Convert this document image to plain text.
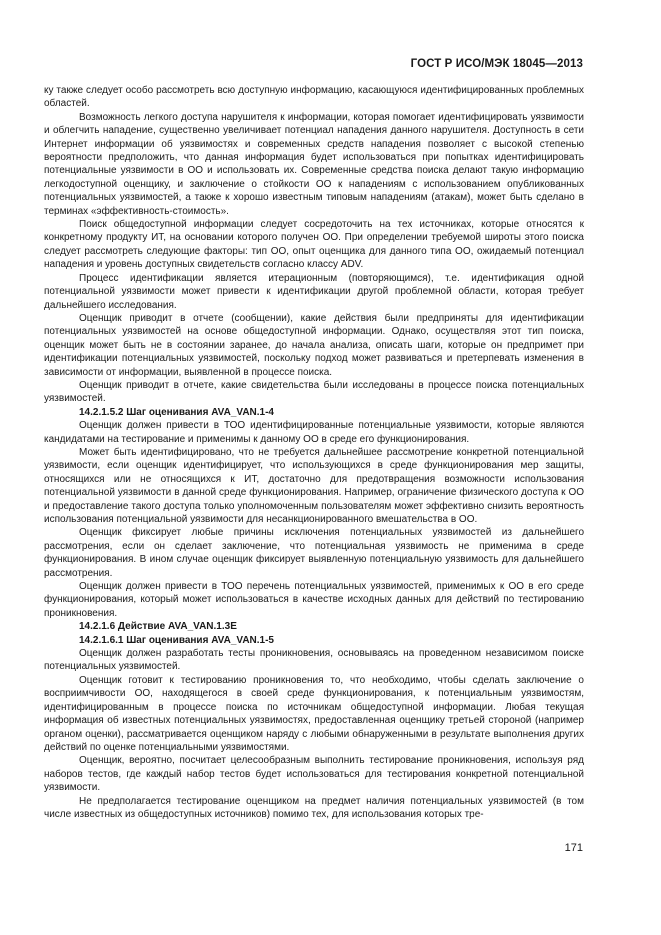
ГОСТ Р ИСО/МЭК 18045—2013

ку также следует особо рассмотреть всю доступную информацию, касающуюся идентифицированных проблемных областей.

Возможность легкого доступа нарушителя к информации, которая помогает идентифицировать уязвимости и облегчить нападение, существенно увеличивает потенциал нападения данного нарушителя. Доступность в сети Интернет информации об уязвимостях и современных средств нападения позволяет с высокой степенью вероятности предположить, что данная информация будет использоваться при попытках идентифицировать потенциальные уязвимости в ОО и использовать их. Современные средства поиска делают такую информацию легкодоступной оценщику, и заключение о стойкости ОО к нападениям с использованием опубликованных потенциальных уязвимостей, а также к хорошо известным типовым нападениям (атакам), может быть сделано в терминах «эффективность-стоимость».

Поиск общедоступной информации следует сосредоточить на тех источниках, которые относятся к конкретному продукту ИТ, на основании которого получен ОО. При определении требуемой широты этого поиска следует рассмотреть следующие факторы: тип ОО, опыт оценщика для данного типа ОО, ожидаемый потенциал нападения и уровень доступных свидетельств согласно классу ADV.

Процесс идентификации является итерационным (повторяющимся), т.е. идентификация одной потенциальной уязвимости может привести к идентификации другой проблемной области, которая требует дальнейшего исследования.

Оценщик приводит в отчете (сообщении), какие действия были предприняты для идентификации потенциальных уязвимостей на основе общедоступной информации. Однако, осуществляя этот тип поиска, оценщик может быть не в состоянии заранее, до начала анализа, описать шаги, которые он предпримет при идентификации потенциальных уязвимостей, поскольку подход может развиваться и претерпевать изменения в зависимости от информации, выявленной в процессе поиска.

Оценщик приводит в отчете, какие свидетельства были исследованы в процессе поиска потенциальных уязвимостей.

14.2.1.5.2 Шаг оценивания AVA_VAN.1-4

Оценщик должен привести в ТОО идентифицированные потенциальные уязвимости, которые являются кандидатами на тестирование и применимы к данному ОО в среде его функционирования.

Может быть идентифицировано, что не требуется дальнейшее рассмотрение конкретной потенциальной уязвимости, если оценщик идентифицирует, что использующихся в среде функционирования мер защиты, относящихся или не относящихся к ИТ, достаточно для предотвращения возможности использования потенциальной уязвимости в данной среде функционирования. Например, ограничение физического доступа к ОО и предоставление такого доступа только уполномоченным пользователям может эффективно снизить вероятность использования потенциальной уязвимости для несанкционированного вмешательства в ОО.

Оценщик фиксирует любые причины исключения потенциальных уязвимостей из дальнейшего рассмотрения, если он сделает заключение, что потенциальная уязвимость не применима в среде функционирования. В ином случае оценщик фиксирует выявленную потенциальную уязвимость для дальнейшего рассмотрения.

Оценщик должен привести в ТОО перечень потенциальных уязвимостей, применимых к ОО в его среде функционирования, который может использоваться в качестве исходных данных для действий по тестированию проникновения.

14.2.1.6 Действие AVA_VAN.1.3E

14.2.1.6.1 Шаг оценивания AVA_VAN.1-5

Оценщик должен разработать тесты проникновения, основываясь на проведенном независимом поиске потенциальных уязвимостей.

Оценщик готовит к тестированию проникновения то, что необходимо, чтобы сделать заключение о восприимчивости ОО, находящегося в своей среде функционирования, к потенциальным уязвимостям, идентифицированным в процессе поиска по источникам общедоступной информации. Любая текущая информация об известных потенциальных уязвимостях, предоставленная оценщику третьей стороной (например органом оценки), рассматривается оценщиком наряду с любыми обнаруженными в результате выполнения других действий по оценке потенциальными уязвимостями.

Оценщик, вероятно, посчитает целесообразным выполнить тестирование проникновения, используя ряд наборов тестов, где каждый набор тестов будет использоваться для тестирования конкретной потенциальной уязвимости.

Не предполагается тестирование оценщиком на предмет наличия потенциальных уязвимостей (в том числе известных из общедоступных источников) помимо тех, для использования которых тре-

171
